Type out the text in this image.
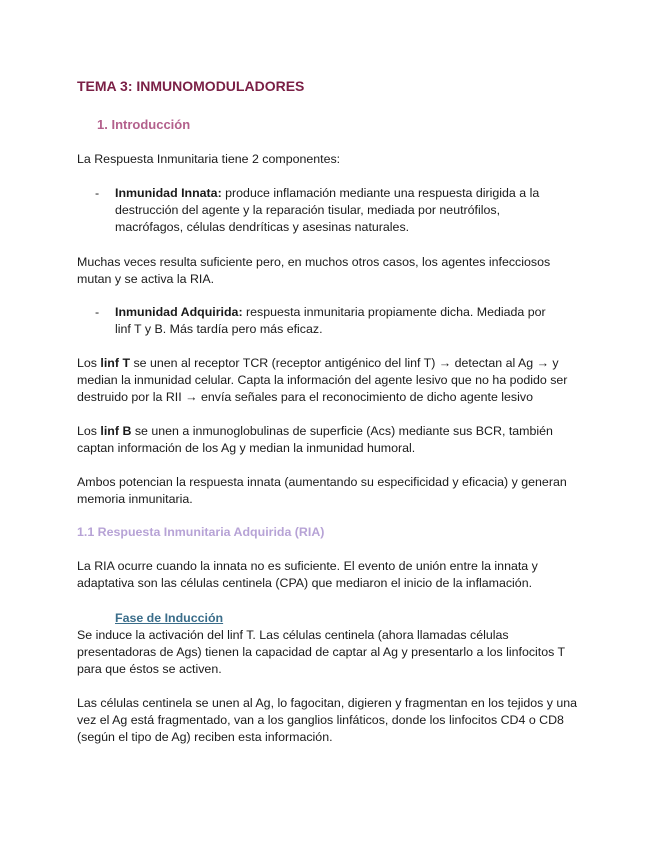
TEMA 3: INMUNOMODULADORES
1. Introducción

La Respuesta Inmunitaria tiene 2 componentes:

- Inmunidad Innata: produce inflamación mediante una respuesta dirigida a la destrucción del agente y la reparación tisular, mediada por neutrófilos, macrófagos, células dendríticas y asesinas naturales.

Muchas veces resulta suficiente pero, en muchos otros casos, los agentes infecciosos mutan y se activa la RIA.

- Inmunidad Adquirida: respuesta inmunitaria propiamente dicha. Mediada por linf T y B. Más tardía pero más eficaz.

Los linf T se unen al receptor TCR (receptor antigénico del linf T) → detectan al Ag → y median la inmunidad celular. Capta la información del agente lesivo que no ha podido ser destruido por la RII → envía señales para el reconocimiento de dicho agente lesivo

Los linf B se unen a inmunoglobulinas de superficie (Acs) mediante sus BCR, también captan información de los Ag y median la inmunidad humoral.

Ambos potencian la respuesta innata (aumentando su especificidad y eficacia) y generan memoria inmunitaria.

1.1 Respuesta Inmunitaria Adquirida (RIA)

La RIA ocurre cuando la innata no es suficiente. El evento de unión entre la innata y adaptativa son las células centinela (CPA) que mediaron el inicio de la inflamación.

Fase de Inducción

Se induce la activación del linf T. Las células centinela (ahora llamadas células presentadoras de Ags) tienen la capacidad de captar al Ag y presentarlo a los linfocitos T para que éstos se activen.

Las células centinela se unen al Ag, lo fagocitan, digieren y fragmentan en los tejidos y una vez el Ag está fragmentado, van a los ganglios linfáticos, donde los linfocitos CD4 o CD8 (según el tipo de Ag) reciben esta información.
